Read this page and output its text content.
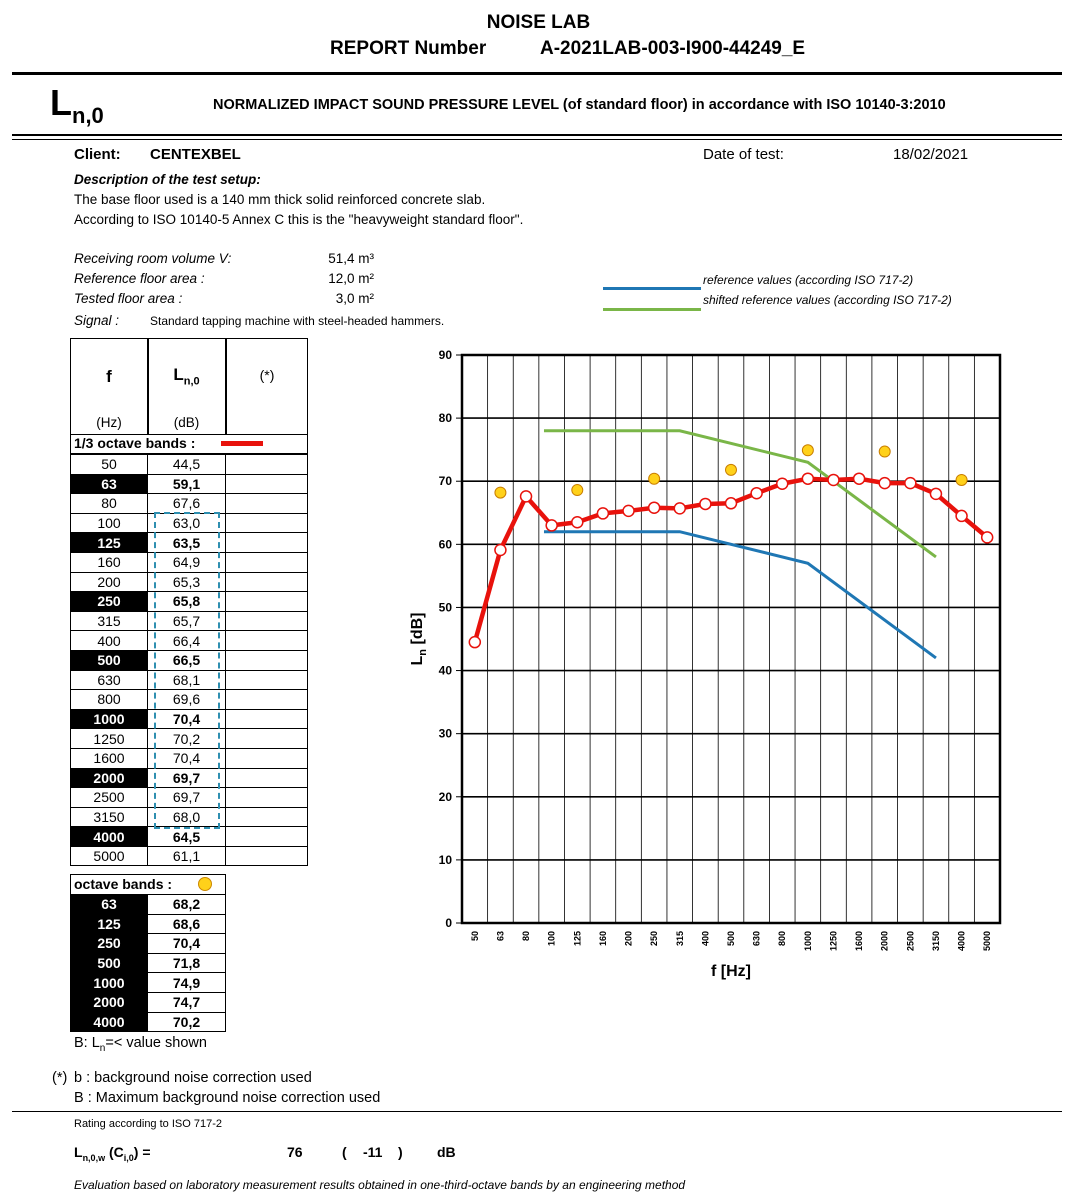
NOISE LAB
REPORT Number	A-2021LAB-003-I900-44249_E
$L_{n,0}$	NORMALIZED IMPACT SOUND PRESSURE LEVEL (of standard floor) in accordance with ISO 10140-3:2010
Client: CENTEXBEL	Date of test:	18/02/2021
Description of the test setup:
The base floor used is a 140 mm thick solid reinforced concrete slab.
According to ISO 10140-5 Annex C this is the "heavyweight standard floor".
Receiving room volume V:	51,4 m³
Reference floor area :	12,0 m²
Tested floor area :	3,0 m²
Signal :	Standard tapping machine with steel-headed hammers.
reference values (according ISO 717-2)
shifted reference values (according ISO 717-2)
f	$L_{n,0}$	(*)
(Hz)	(dB)
1/3 octave bands :
50	44,5	
63	59,1	
80	67,6	
100	63,0	
125	63,5	
160	64,9	
200	65,3	
250	65,8	
315	65,7	
400	66,4	
500	66,5	
630	68,1	
800	69,6	
1000	70,4	
1250	70,2	
1600	70,4	
2000	69,7	
2500	69,7	
3150	68,0	
4000	64,5	
5000	61,1	
octave bands :
63	68,2
125	68,6
250	70,4
500	71,8
1000	74,9
2000	74,7
4000	70,2
B: $L_n=<$ value shown
(*) b : background noise correction used
B : Maximum background noise correction used
Rating according to ISO 717-2
$L_{n,0,w}$ $(C_{i,0})$ =	76	( -11 ) dB
Evaluation based on laboratory measurement results obtained in one-third-octave bands by an engineering method
0
10
20
30
40
50
60
70
80
90
50 63 80 100 125 160 200 250 315 400 500 630 800 1000 1250 1600 2000 2500 3150 4000 5000
f [Hz]
$L_n$ [dB]
